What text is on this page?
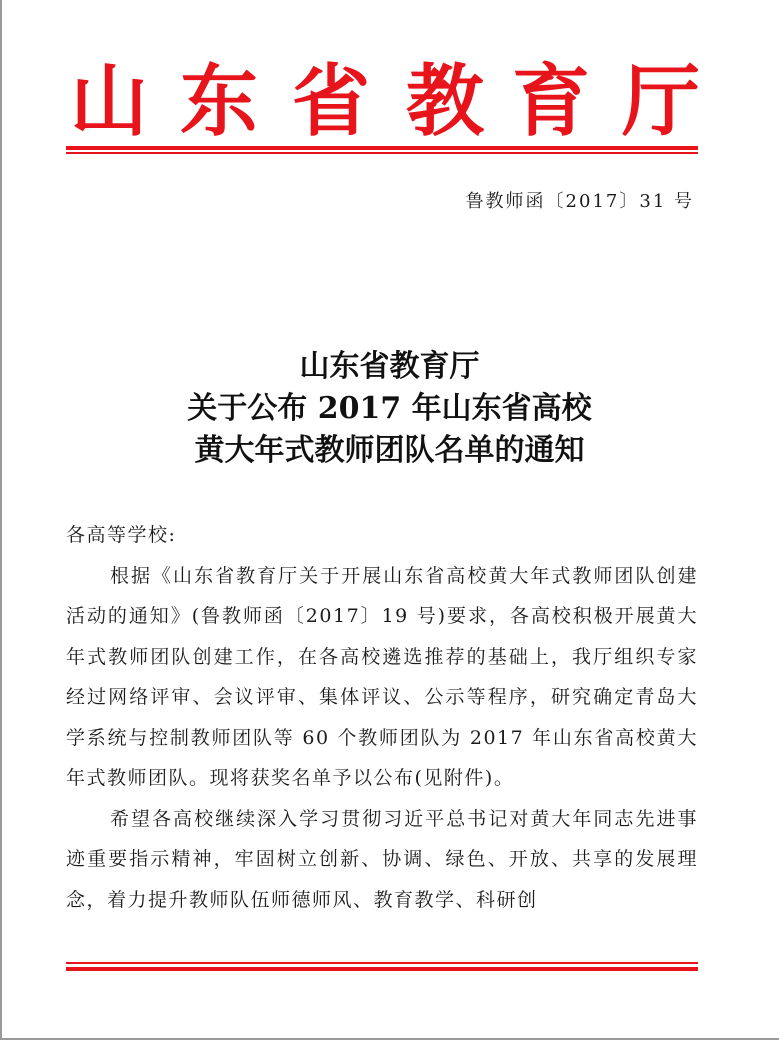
山 东 省 教 育 厅
鲁教师函〔2017〕31 号
山东省教育厅
关于公布 2017 年山东省高校
黄大年式教师团队名单的通知

各高等学校:

根据《山东省教育厅关于开展山东省高校黄大年式教师团队创建活动的通知》(鲁教师函〔2017〕19 号)要求，各高校积极开展黄大年式教师团队创建工作，在各高校遴选推荐的基础上，我厅组织专家经过网络评审、会议评审、集体评议、公示等程序，研究确定青岛大学系统与控制教师团队等 60 个教师团队为 2017 年山东省高校黄大年式教师团队。现将获奖名单予以公布(见附件)。

希望各高校继续深入学习贯彻习近平总书记对黄大年同志先进事迹重要指示精神，牢固树立创新、协调、绿色、开放、共享的发展理念，着力提升教师队伍师德师风、教育教学、科研创
